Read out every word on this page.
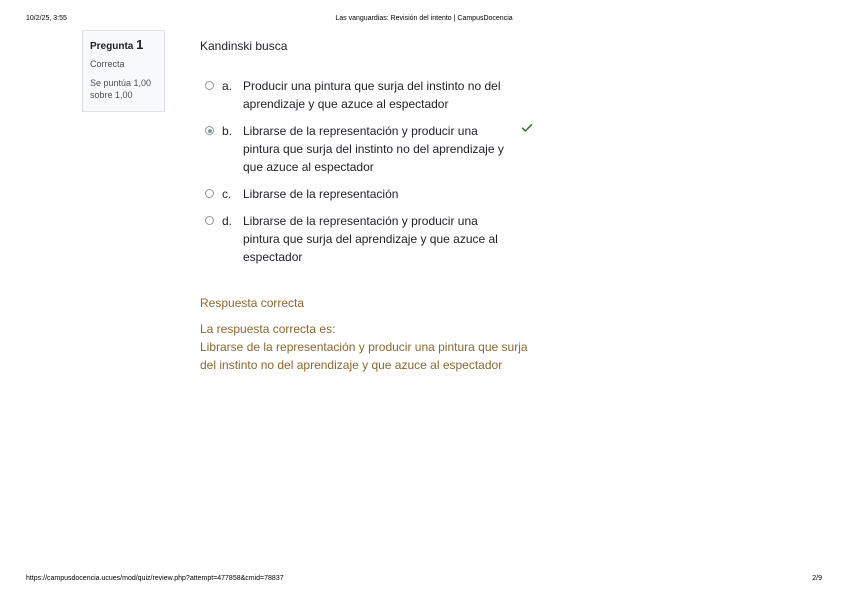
10/2/25, 3:55	Las vanguardias: Revisión del intento | CampusDocencia
Pregunta 1
Correcta
Se puntúa 1,00 sobre 1,00
Kandinski busca
a. Producir una pintura que surja del instinto no del aprendizaje y que azuce al espectador
b. Librarse de la representación y producir una pintura que surja del instinto no del aprendizaje y que azuce al espectador
c. Librarse de la representación
d. Librarse de la representación y producir una pintura que surja del aprendizaje y que azuce al espectador
Respuesta correcta
La respuesta correcta es:
Librarse de la representación y producir una pintura que surja del instinto no del aprendizaje y que azuce al espectador
https://campusdocencia.ucues/mod/quiz/review.php?attempt=477858&cmid=78837	2/9
